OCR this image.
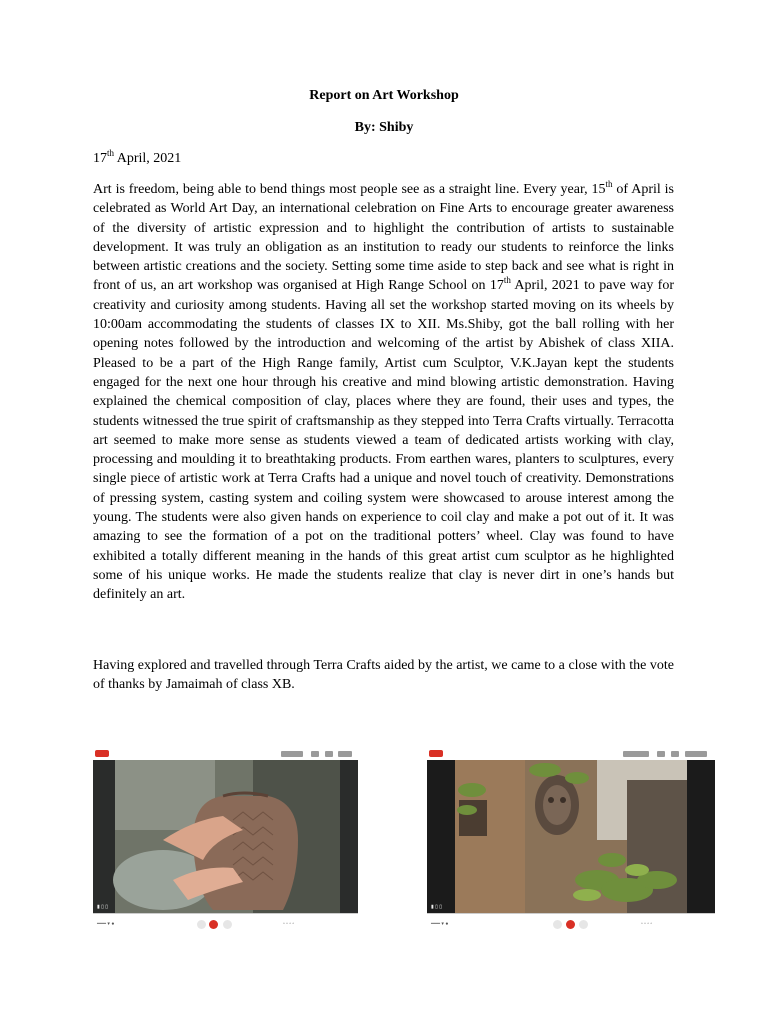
Report on Art Workshop
By: Shiby
17th April, 2021

Art is freedom, being able to bend things most people see as a straight line. Every year, 15th of April is celebrated as World Art Day, an international celebration on Fine Arts to encourage greater awareness of the diversity of artistic expression and to highlight the contribution of artists to sustainable development. It was truly an obligation as an institution to ready our students to reinforce the links between artistic creations and the society. Setting some time aside to step back and see what is right in front of us, an art workshop was organised at High Range School on 17th April, 2021 to pave way for creativity and curiosity among students. Having all set the workshop started moving on its wheels by 10:00am accommodating the students of classes IX to XII. Ms.Shiby, got the ball rolling with her opening notes followed by the introduction and welcoming of the artist by Abishek of class XIIA. Pleased to be a part of the High Range family, Artist cum Sculptor, V.K.Jayan kept the students engaged for the next one hour through his creative and mind blowing artistic demonstration. Having explained the chemical composition of clay, places where they are found, their uses and types, the students witnessed the true spirit of craftsmanship as they stepped into Terra Crafts virtually. Terracotta art seemed to make more sense as students viewed a team of dedicated artists working with clay, processing and moulding it to breathtaking products. From earthen wares, planters to sculptures, every single piece of artistic work at Terra Crafts had a unique and novel touch of creativity. Demonstrations of pressing system, casting system and coiling system were showcased to arouse interest among the young. The students were also given hands on experience to coil clay and make a pot out of it. It was amazing to see the formation of a pot on the traditional potters’ wheel. Clay was found to have exhibited a totally different meaning in the hands of this great artist cum sculptor as he highlighted some of his unique works. He made the students realize that clay is never dirt in one’s hands but definitely an art.

Having explored and travelled through Terra Crafts aided by the artist, we came to a close with the vote of thanks by Jamaimah of class XB.

▮ ▯ ▯
━━━ ▾ ●	▫ ▫ ▫ ▫
▮ ▯ ▯
━━━ ▾ ●	▫ ▫ ▫ ▫
